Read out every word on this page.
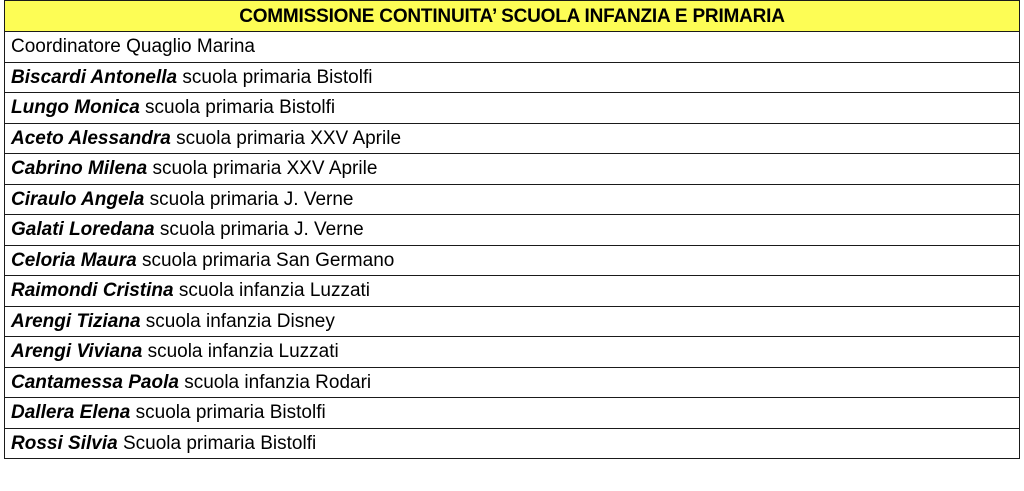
COMMISSIONE CONTINUITA’ SCUOLA INFANZIA E PRIMARIA
Coordinatore Quaglio Marina
Biscardi Antonella scuola primaria Bistolfi
Lungo Monica scuola primaria Bistolfi
Aceto Alessandra scuola primaria XXV Aprile
Cabrino Milena scuola primaria XXV Aprile
Ciraulo Angela scuola primaria J. Verne
Galati Loredana scuola primaria J. Verne
Celoria Maura scuola primaria San Germano
Raimondi Cristina scuola infanzia Luzzati
Arengi Tiziana scuola infanzia Disney
Arengi Viviana scuola infanzia Luzzati
Cantamessa Paola scuola infanzia Rodari
Dallera Elena scuola primaria Bistolfi
Rossi Silvia Scuola primaria Bistolfi
